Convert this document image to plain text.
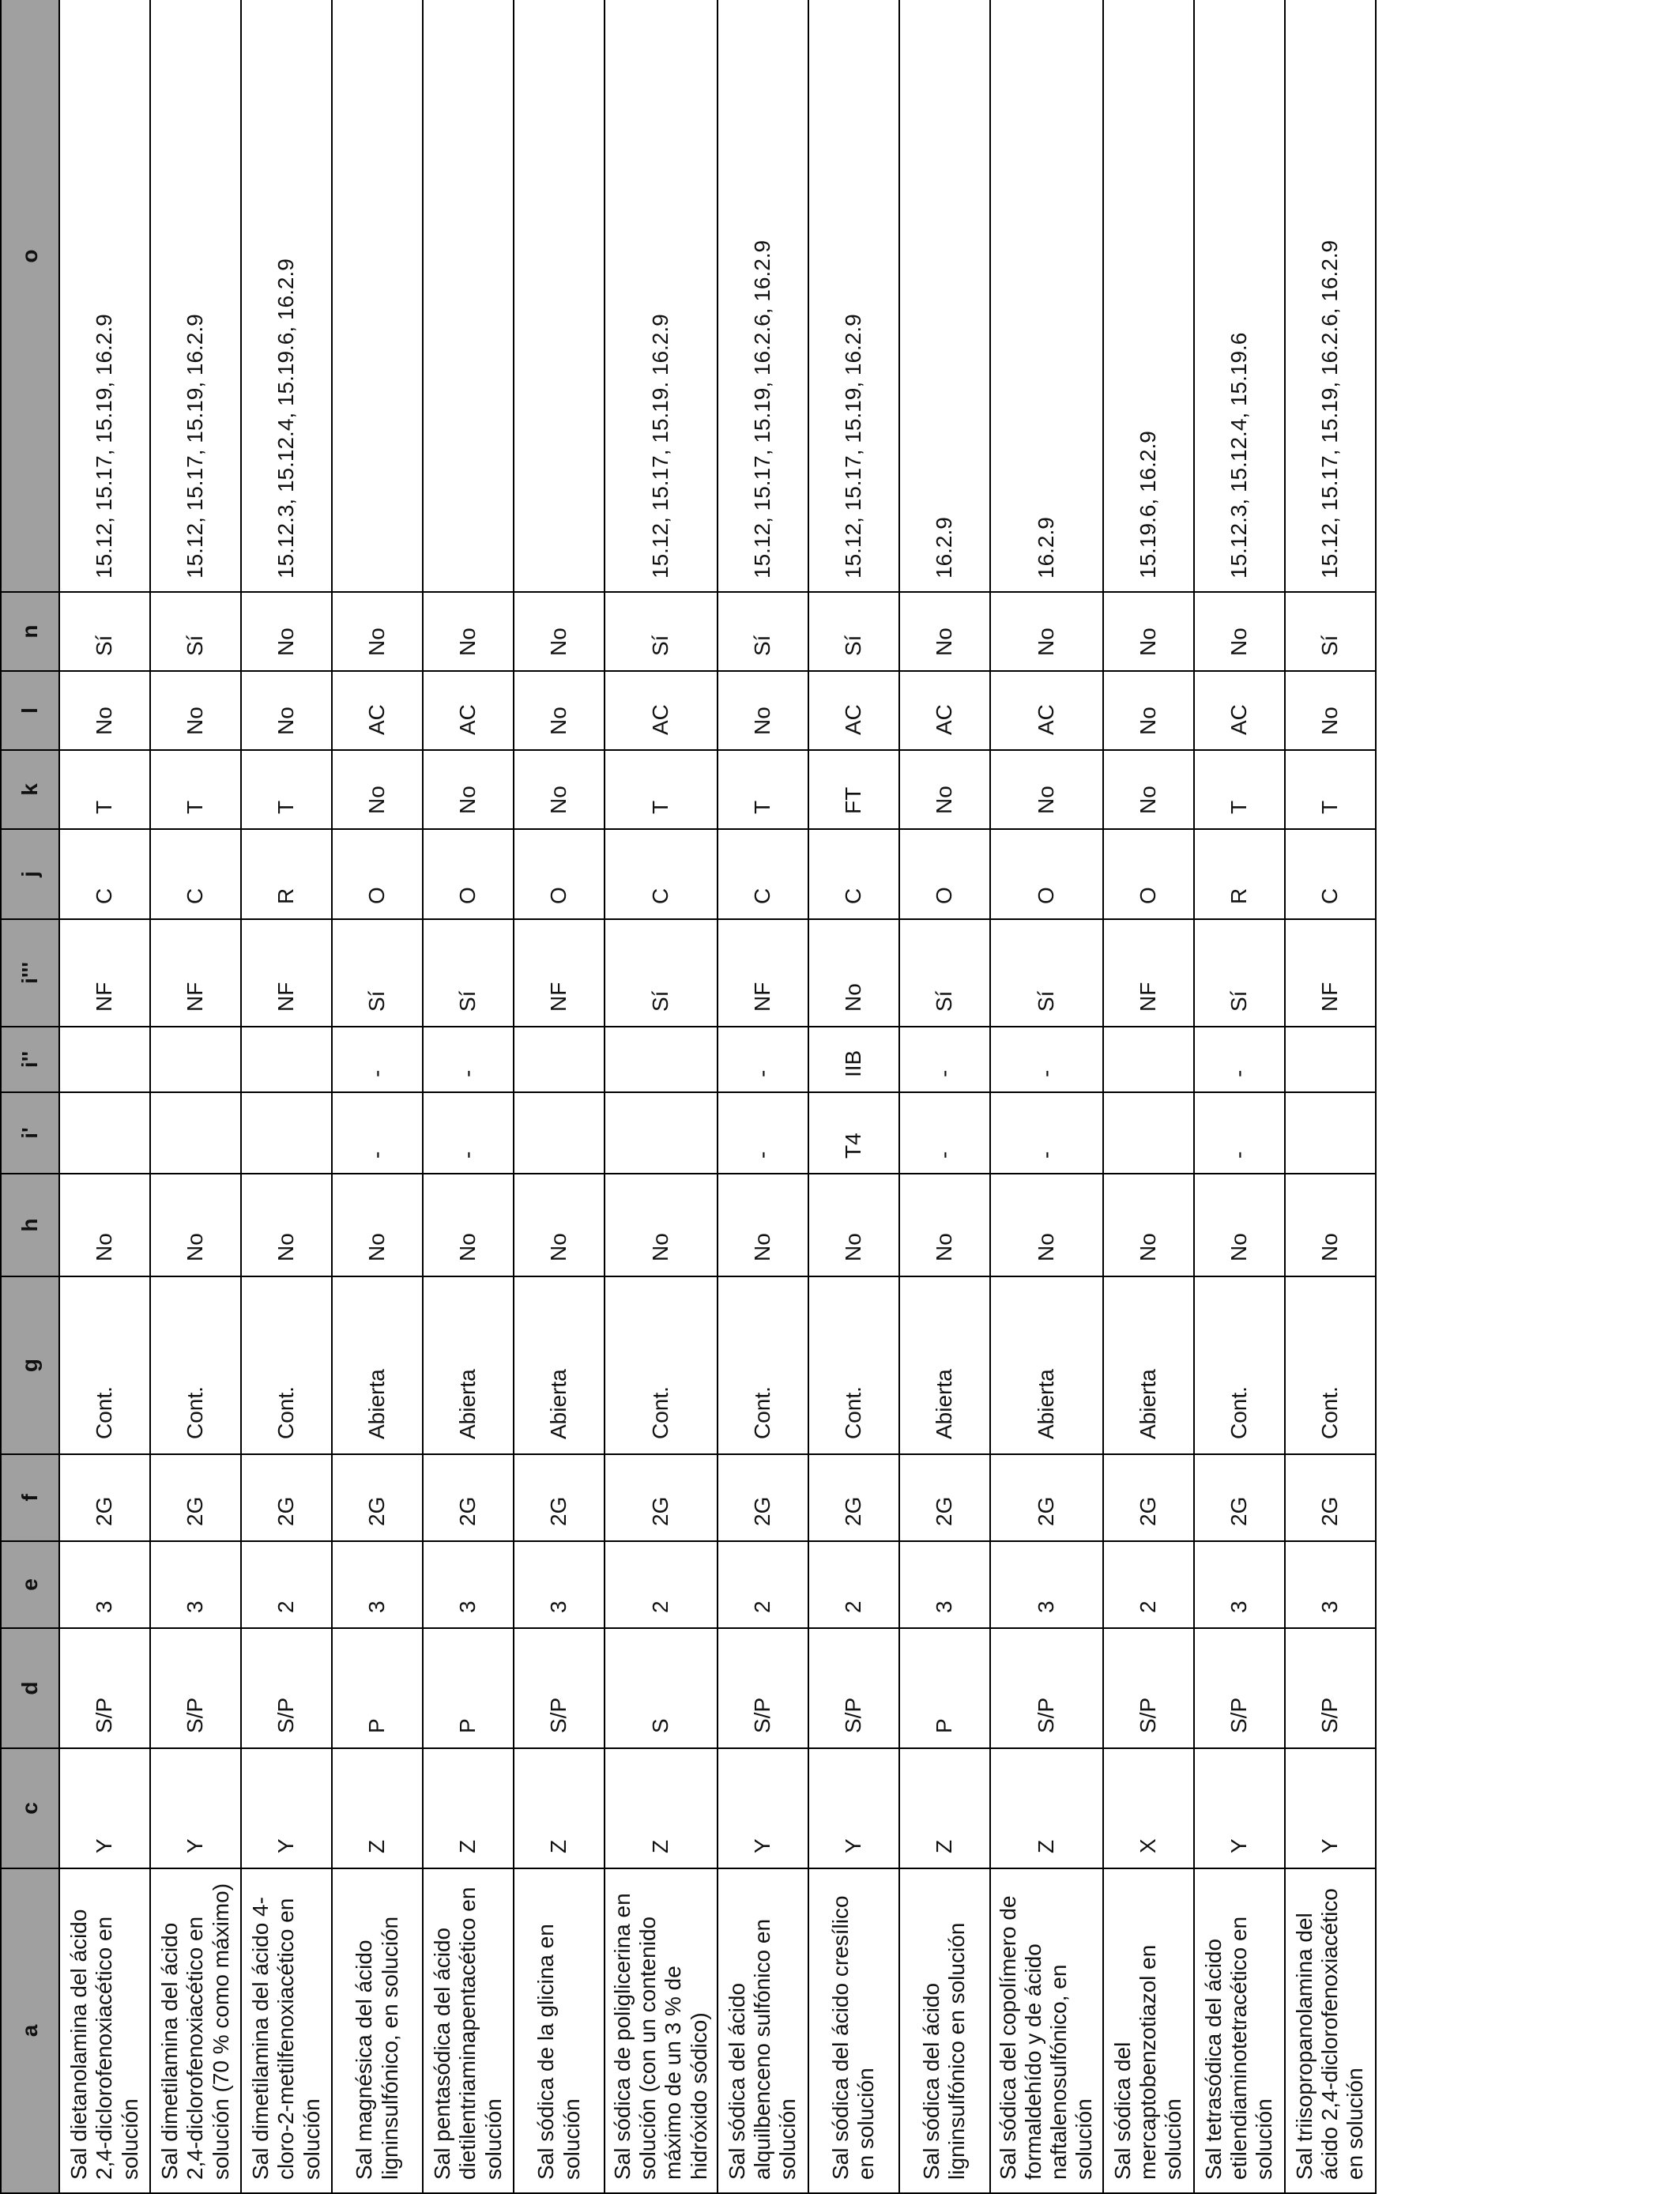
a	c	d	e	f	g	h	i'	i''	i'''	j	k	l	n	o
Sal dietanolamina del ácido 2,4-diclorofenoxiacético en solución	Y	S/P	3	2G	Cont.	No			NF	C	T	No	Sí	15.12, 15.17, 15.19, 16.2.9
Sal dimetilamina del ácido 2,4-diclorofenoxiacético en solución (70 % como máximo)	Y	S/P	3	2G	Cont.	No			NF	C	T	No	Sí	15.12, 15.17, 15.19, 16.2.9
Sal dimetilamina del ácido 4-cloro-2-metilfenoxiacético en solución	Y	S/P	2	2G	Cont.	No			NF	R	T	No	No	15.12.3, 15.12.4, 15.19.6, 16.2.9
Sal magnésica del ácido ligninsulfónico, en solución	Z	P	3	2G	Abierta	No	-	-	Sí	O	No	AC	No	
Sal pentasódica del ácido dietilentriaminapentacético en solución	Z	P	3	2G	Abierta	No	-	-	Sí	O	No	AC	No	
Sal sódica de la glicina en solución	Z	S/P	3	2G	Abierta	No			NF	O	No	No	No	
Sal sódica de poliglicerina en solución (con un contenido máximo de un 3 % de hidróxido sódico)	Z	S	2	2G	Cont.	No			Sí	C	T	AC	Sí	15.12, 15.17, 15.19. 16.2.9
Sal sódica del ácido alquilbenceno sulfónico en solución	Y	S/P	2	2G	Cont.	No	-	-	NF	C	T	No	Sí	15.12, 15.17, 15.19, 16.2.6, 16.2.9
Sal sódica del ácido cresílico en solución	Y	S/P	2	2G	Cont.	No	T4	IIB	No	C	FT	AC	Sí	15.12, 15.17, 15.19, 16.2.9
Sal sódica del ácido ligninsulfónico en solución	Z	P	3	2G	Abierta	No	-	-	Sí	O	No	AC	No	16.2.9
Sal sódica del copolímero de formaldehído y de ácido naftalenosulfónico, en solución	Z	S/P	3	2G	Abierta	No	-	-	Sí	O	No	AC	No	16.2.9
Sal sódica del mercaptobenzotiazol en solución	X	S/P	2	2G	Abierta	No			NF	O	No	No	No	15.19.6, 16.2.9
Sal tetrasódica del ácido etilendiaminotetracético en solución	Y	S/P	3	2G	Cont.	No	-	-	Sí	R	T	AC	No	15.12.3, 15.12.4, 15.19.6
Sal triisopropanolamina del ácido 2,4-diclorofenoxiacético en solución	Y	S/P	3	2G	Cont.	No			NF	C	T	No	Sí	15.12, 15.17, 15.19, 16.2.6, 16.2.9
